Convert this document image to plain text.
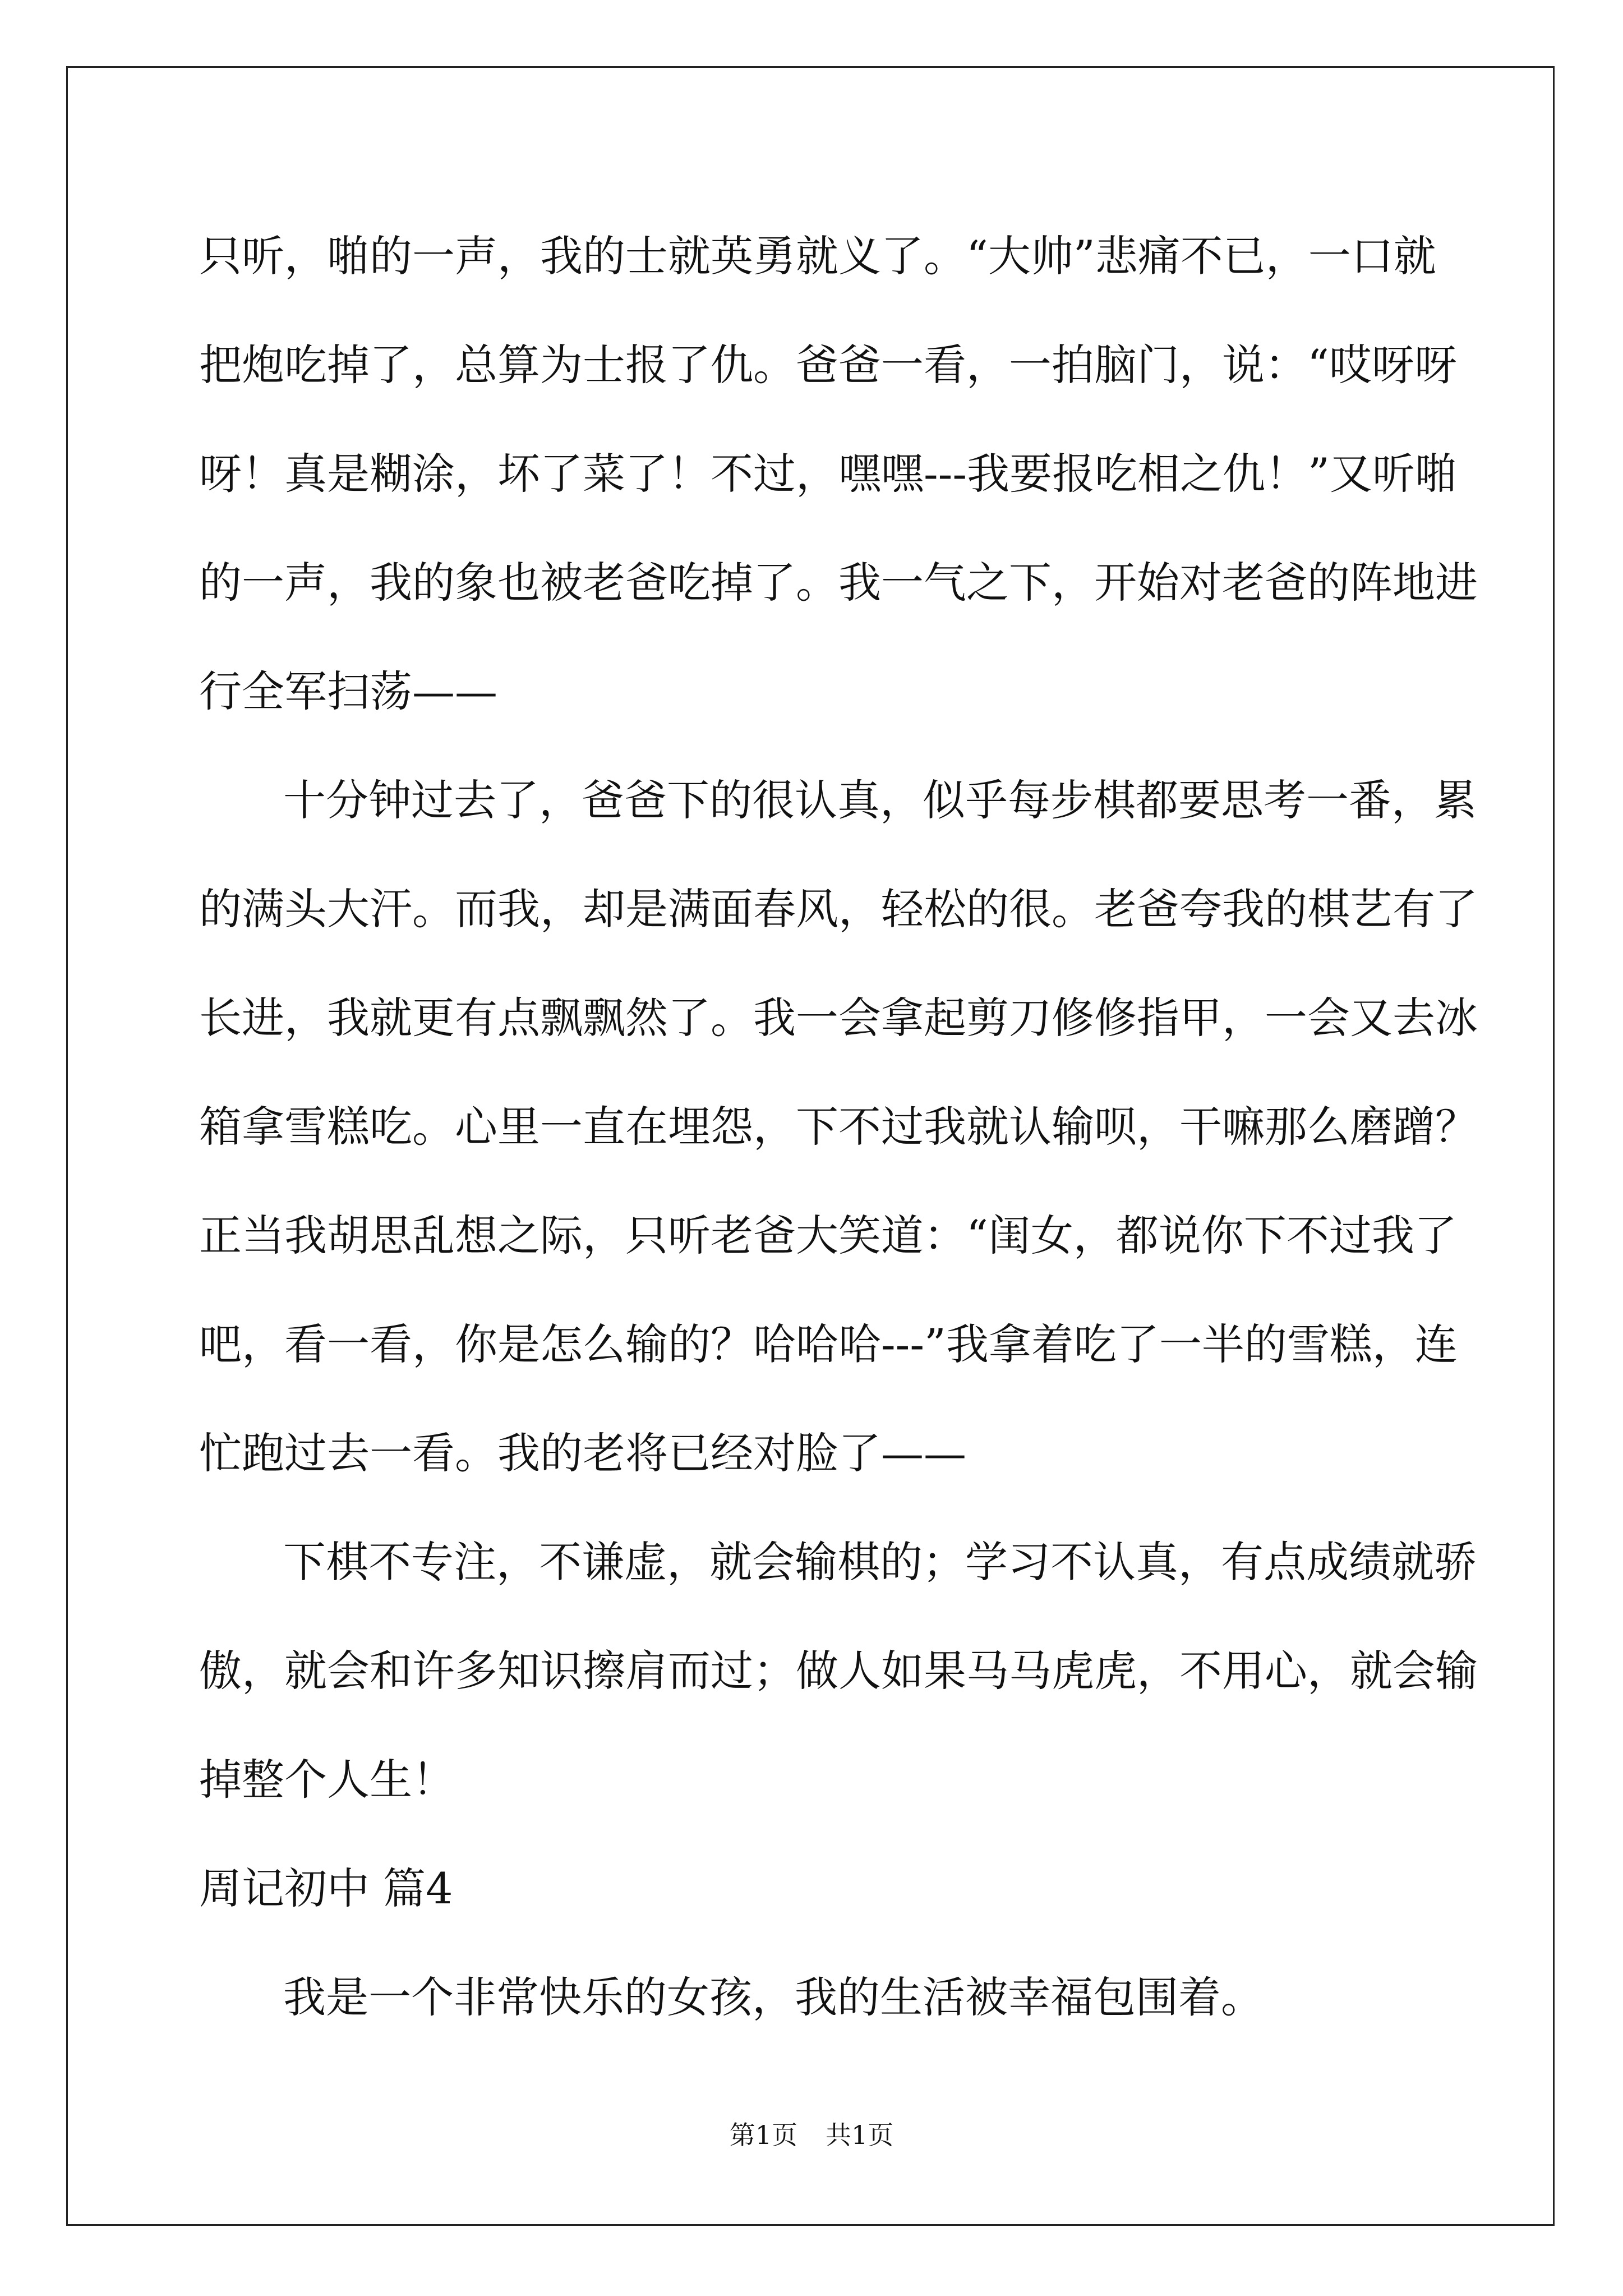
只听，啪的一声，我的士就英勇就义了。“大帅”悲痛不已，一口就
把炮吃掉了，总算为士报了仇。爸爸一看，一拍脑门，说：“哎呀呀
呀！真是糊涂，坏了菜了！不过，嘿嘿---我要报吃相之仇！”又听啪
的一声，我的象也被老爸吃掉了。我一气之下，开始对老爸的阵地进
行全军扫荡——
十分钟过去了，爸爸下的很认真，似乎每步棋都要思考一番，累
的满头大汗。而我，却是满面春风，轻松的很。老爸夸我的棋艺有了
长进，我就更有点飘飘然了。我一会拿起剪刀修修指甲，一会又去冰
箱拿雪糕吃。心里一直在埋怨，下不过我就认输呗，干嘛那么磨蹭？
正当我胡思乱想之际，只听老爸大笑道：“闺女，都说你下不过我了
吧，看一看，你是怎么输的？哈哈哈---”我拿着吃了一半的雪糕，连
忙跑过去一看。我的老将已经对脸了——
下棋不专注，不谦虚，就会输棋的；学习不认真，有点成绩就骄
傲，就会和许多知识擦肩而过；做人如果马马虎虎，不用心，就会输
掉整个人生！
周记初中 篇4
我是一个非常快乐的女孩，我的生活被幸福包围着。
第1页 共1页
